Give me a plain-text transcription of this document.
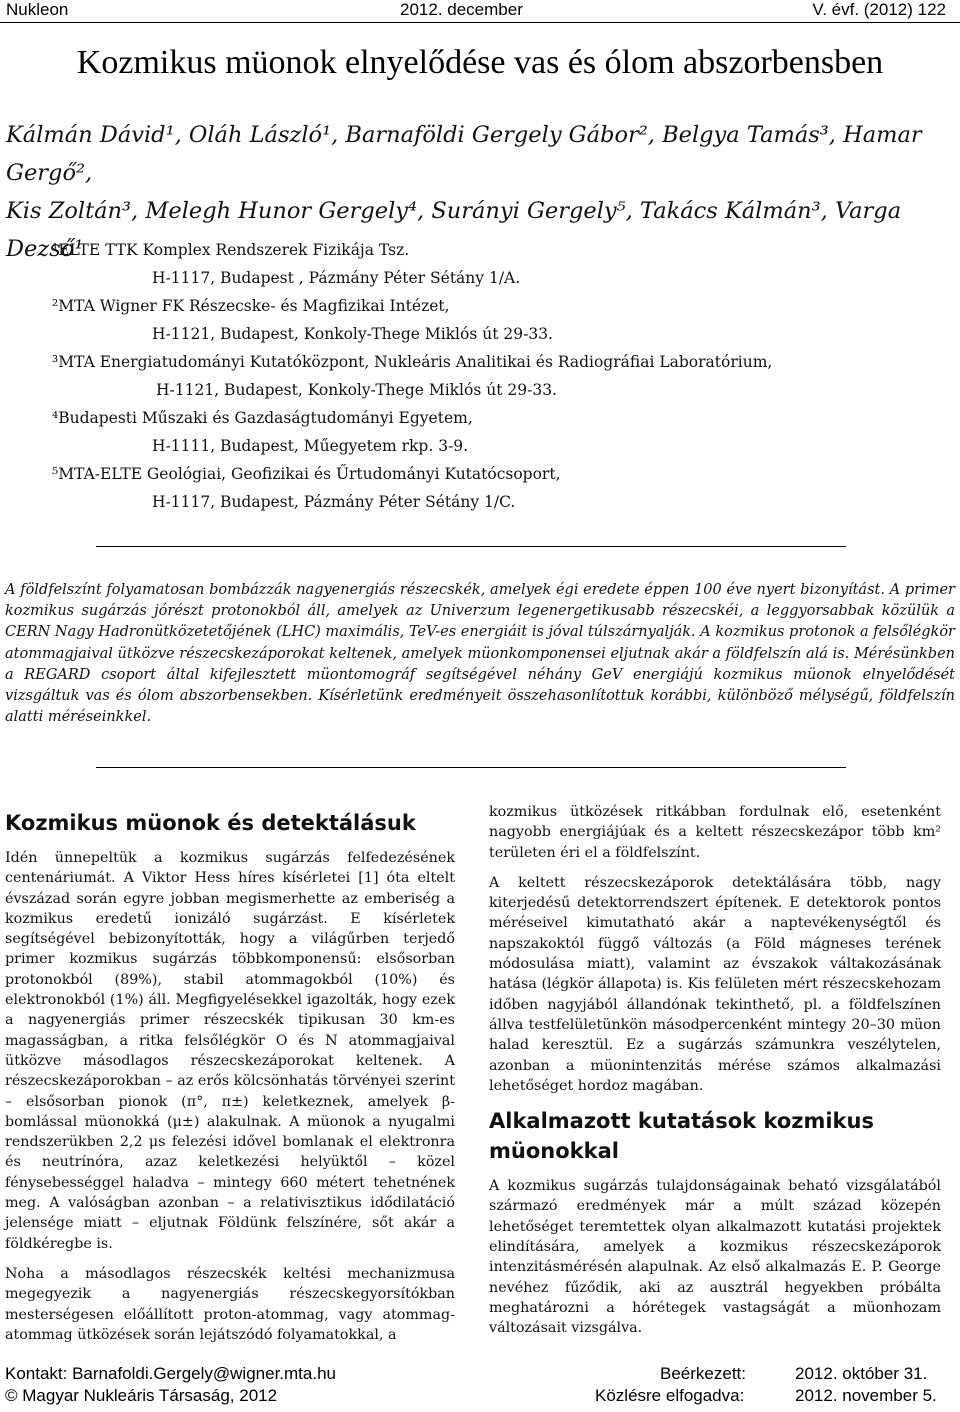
Nukleon	2012. december	V. évf. (2012) 122
Kozmikus müonok elnyelődése vas és ólom abszorbensben
Kálmán Dávid¹, Oláh László¹, Barnaföldi Gergely Gábor², Belgya Tamás³, Hamar Gergő²,
Kis Zoltán³, Melegh Hunor Gergely⁴, Surányi Gergely⁵, Takács Kálmán³, Varga Dezső¹
¹ELTE TTK Komplex Rendszerek Fizikája Tsz.
H-1117, Budapest , Pázmány Péter Sétány 1/A.
²MTA Wigner FK Részecske- és Magfizikai Intézet,
H-1121, Budapest, Konkoly-Thege Miklós út 29-33.
³MTA Energiatudományi Kutatóközpont, Nukleáris Analitikai és Radiográfiai Laboratórium,
H-1121, Budapest, Konkoly-Thege Miklós út 29-33.
⁴Budapesti Műszaki és Gazdaságtudományi Egyetem,
H-1111, Budapest, Műegyetem rkp. 3-9.
⁵MTA-ELTE Geológiai, Geofizikai és Űrtudományi Kutatócsoport,
H-1117, Budapest, Pázmány Péter Sétány 1/C.
A földfelszínt folyamatosan bombázzák nagyenergiás részecskék, amelyek égi eredete éppen 100 éve nyert bizonyítást. A primer kozmikus sugárzás jórészt protonokból áll, amelyek az Univerzum legenergetikusabb részecskéi, a leggyorsabbak közülük a CERN Nagy Hadronütközetetőjének (LHC) maximális, TeV-es energiáit is jóval túlszárnyalják. A kozmikus protonok a felsőlégkör atommagjaival ütközve részecskezáporokat keltenek, amelyek müonkomponensei eljutnak akár a földfelszín alá is. Mérésünkben a REGARD csoport által kifejlesztett müontomográf segítségével néhány GeV energiájú kozmikus müonok elnyelődését vizsgáltuk vas és ólom abszorbensekben. Kísérletünk eredményeit összehasonlítottuk korábbi, különböző mélységű, földfelszín alatti méréseinkkel.
Kozmikus müonok és detektálásuk

Idén ünnepeltük a kozmikus sugárzás felfedezésének centenáriumát. A Viktor Hess híres kísérletei [1] óta eltelt évszázad során egyre jobban megismerhette az emberiség a kozmikus eredetű ionizáló sugárzást. E kísérletek segítségével bebizonyították, hogy a világűrben terjedő primer kozmikus sugárzás többkomponensű: elsősorban protonokból (89%), stabil atommagokból (10%) és elektronokból (1%) áll. Megfigyelésekkel igazolták, hogy ezek a nagyenergiás primer részecskék tipikusan 30 km-es magasságban, a ritka felsőlégkör O és N atommagjaival ütközve másodlagos részecskezáporokat keltenek. A részecskezáporokban – az erős kölcsönhatás törvényei szerint – elsősorban pionok (π°, π±) keletkeznek, amelyek β-bomlással müonokká (μ±) alakulnak. A müonok a nyugalmi rendszerükben 2,2 μs felezési idővel bomlanak el elektronra és neutrínóra, azaz keletkezési helyüktől – közel fénysebességgel haladva – mintegy 660 métert tehetnének meg. A valóságban azonban – a relativisztikus idődilatáció jelensége miatt – eljutnak Földünk felszínére, sőt akár a földkéregbe is.

Noha a másodlagos részecskék keltési mechanizmusa megegyezik a nagyenergiás részecskegyorsítókban mesterségesen előállított proton-atommag, vagy atommag-atommag ütközések során lejátszódó folyamatokkal, a

kozmikus ütközések ritkábban fordulnak elő, esetenként nagyobb energiájúak és a keltett részecskezápor több km² területen éri el a földfelszínt.

A keltett részecskezáporok detektálására több, nagy kiterjedésű detektorrendszert építenek. E detektorok pontos méréseivel kimutatható akár a naptevékenységtől és napszakoktól függő változás (a Föld mágneses terének módosulása miatt), valamint az évszakok váltakozásának hatása (légkör állapota) is. Kis felületen mért részecskehozam időben nagyjából állandónak tekinthető, pl. a földfelszínen állva testfelületünkön másodpercenként mintegy 20–30 müon halad keresztül. Ez a sugárzás számunkra veszélytelen, azonban a müonintenzitás mérése számos alkalmazási lehetőséget hordoz magában.

Alkalmazott kutatások kozmikus müonokkal

A kozmikus sugárzás tulajdonságainak beható vizsgálatából származó eredmények már a múlt század közepén lehetőséget teremtettek olyan alkalmazott kutatási projektek elindítására, amelyek a kozmikus részecskezáporok intenzitásmérésén alapulnak. Az első alkalmazás E. P. George nevéhez fűződik, aki az ausztrál hegyekben próbálta meghatározni a hórétegek vastagságát a müonhozam változásait vizsgálva.

Kontakt: Barnafoldi.Gergely@wigner.mta.hu	Beérkezett:	2012. október 31.
© Magyar Nukleáris Társaság, 2012	Közlésre elfogadva:	2012. november 5.
